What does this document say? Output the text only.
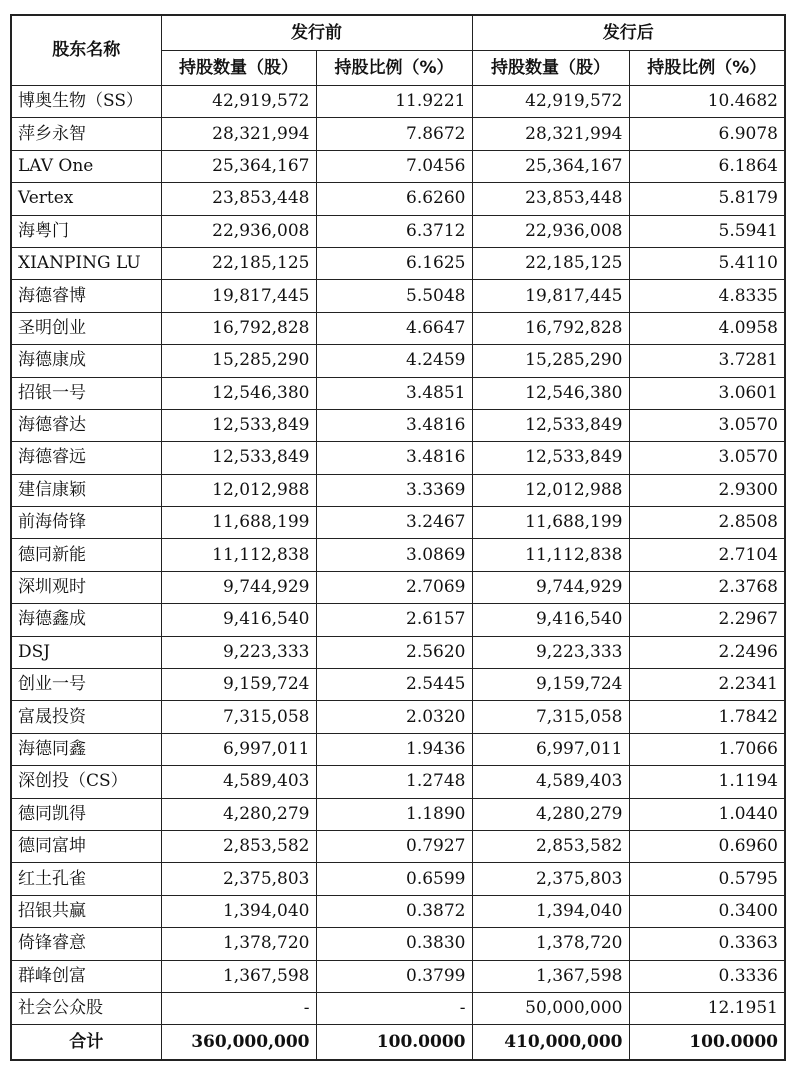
股东名称	发行前		发行后	
	持股数量（股）	持股比例（%）	持股数量（股）	持股比例（%）
博奥生物（SS）	42,919,572	11.9221	42,919,572	10.4682
萍乡永智	28,321,994	7.8672	28,321,994	6.9078
LAV One	25,364,167	7.0456	25,364,167	6.1864
Vertex	23,853,448	6.6260	23,853,448	5.8179
海粤门	22,936,008	6.3712	22,936,008	5.5941
XIANPING LU	22,185,125	6.1625	22,185,125	5.4110
海德睿博	19,817,445	5.5048	19,817,445	4.8335
圣明创业	16,792,828	4.6647	16,792,828	4.0958
海德康成	15,285,290	4.2459	15,285,290	3.7281
招银一号	12,546,380	3.4851	12,546,380	3.0601
海德睿达	12,533,849	3.4816	12,533,849	3.0570
海德睿远	12,533,849	3.4816	12,533,849	3.0570
建信康颖	12,012,988	3.3369	12,012,988	2.9300
前海倚锋	11,688,199	3.2467	11,688,199	2.8508
德同新能	11,112,838	3.0869	11,112,838	2.7104
深圳观时	9,744,929	2.7069	9,744,929	2.3768
海德鑫成	9,416,540	2.6157	9,416,540	2.2967
DSJ	9,223,333	2.5620	9,223,333	2.2496
创业一号	9,159,724	2.5445	9,159,724	2.2341
富晟投资	7,315,058	2.0320	7,315,058	1.7842
海德同鑫	6,997,011	1.9436	6,997,011	1.7066
深创投（CS）	4,589,403	1.2748	4,589,403	1.1194
德同凯得	4,280,279	1.1890	4,280,279	1.0440
德同富坤	2,853,582	0.7927	2,853,582	0.6960
红土孔雀	2,375,803	0.6599	2,375,803	0.5795
招银共赢	1,394,040	0.3872	1,394,040	0.3400
倚锋睿意	1,378,720	0.3830	1,378,720	0.3363
群峰创富	1,367,598	0.3799	1,367,598	0.3336
社会公众股	-	-	50,000,000	12.1951
合计	360,000,000	100.0000	410,000,000	100.0000
